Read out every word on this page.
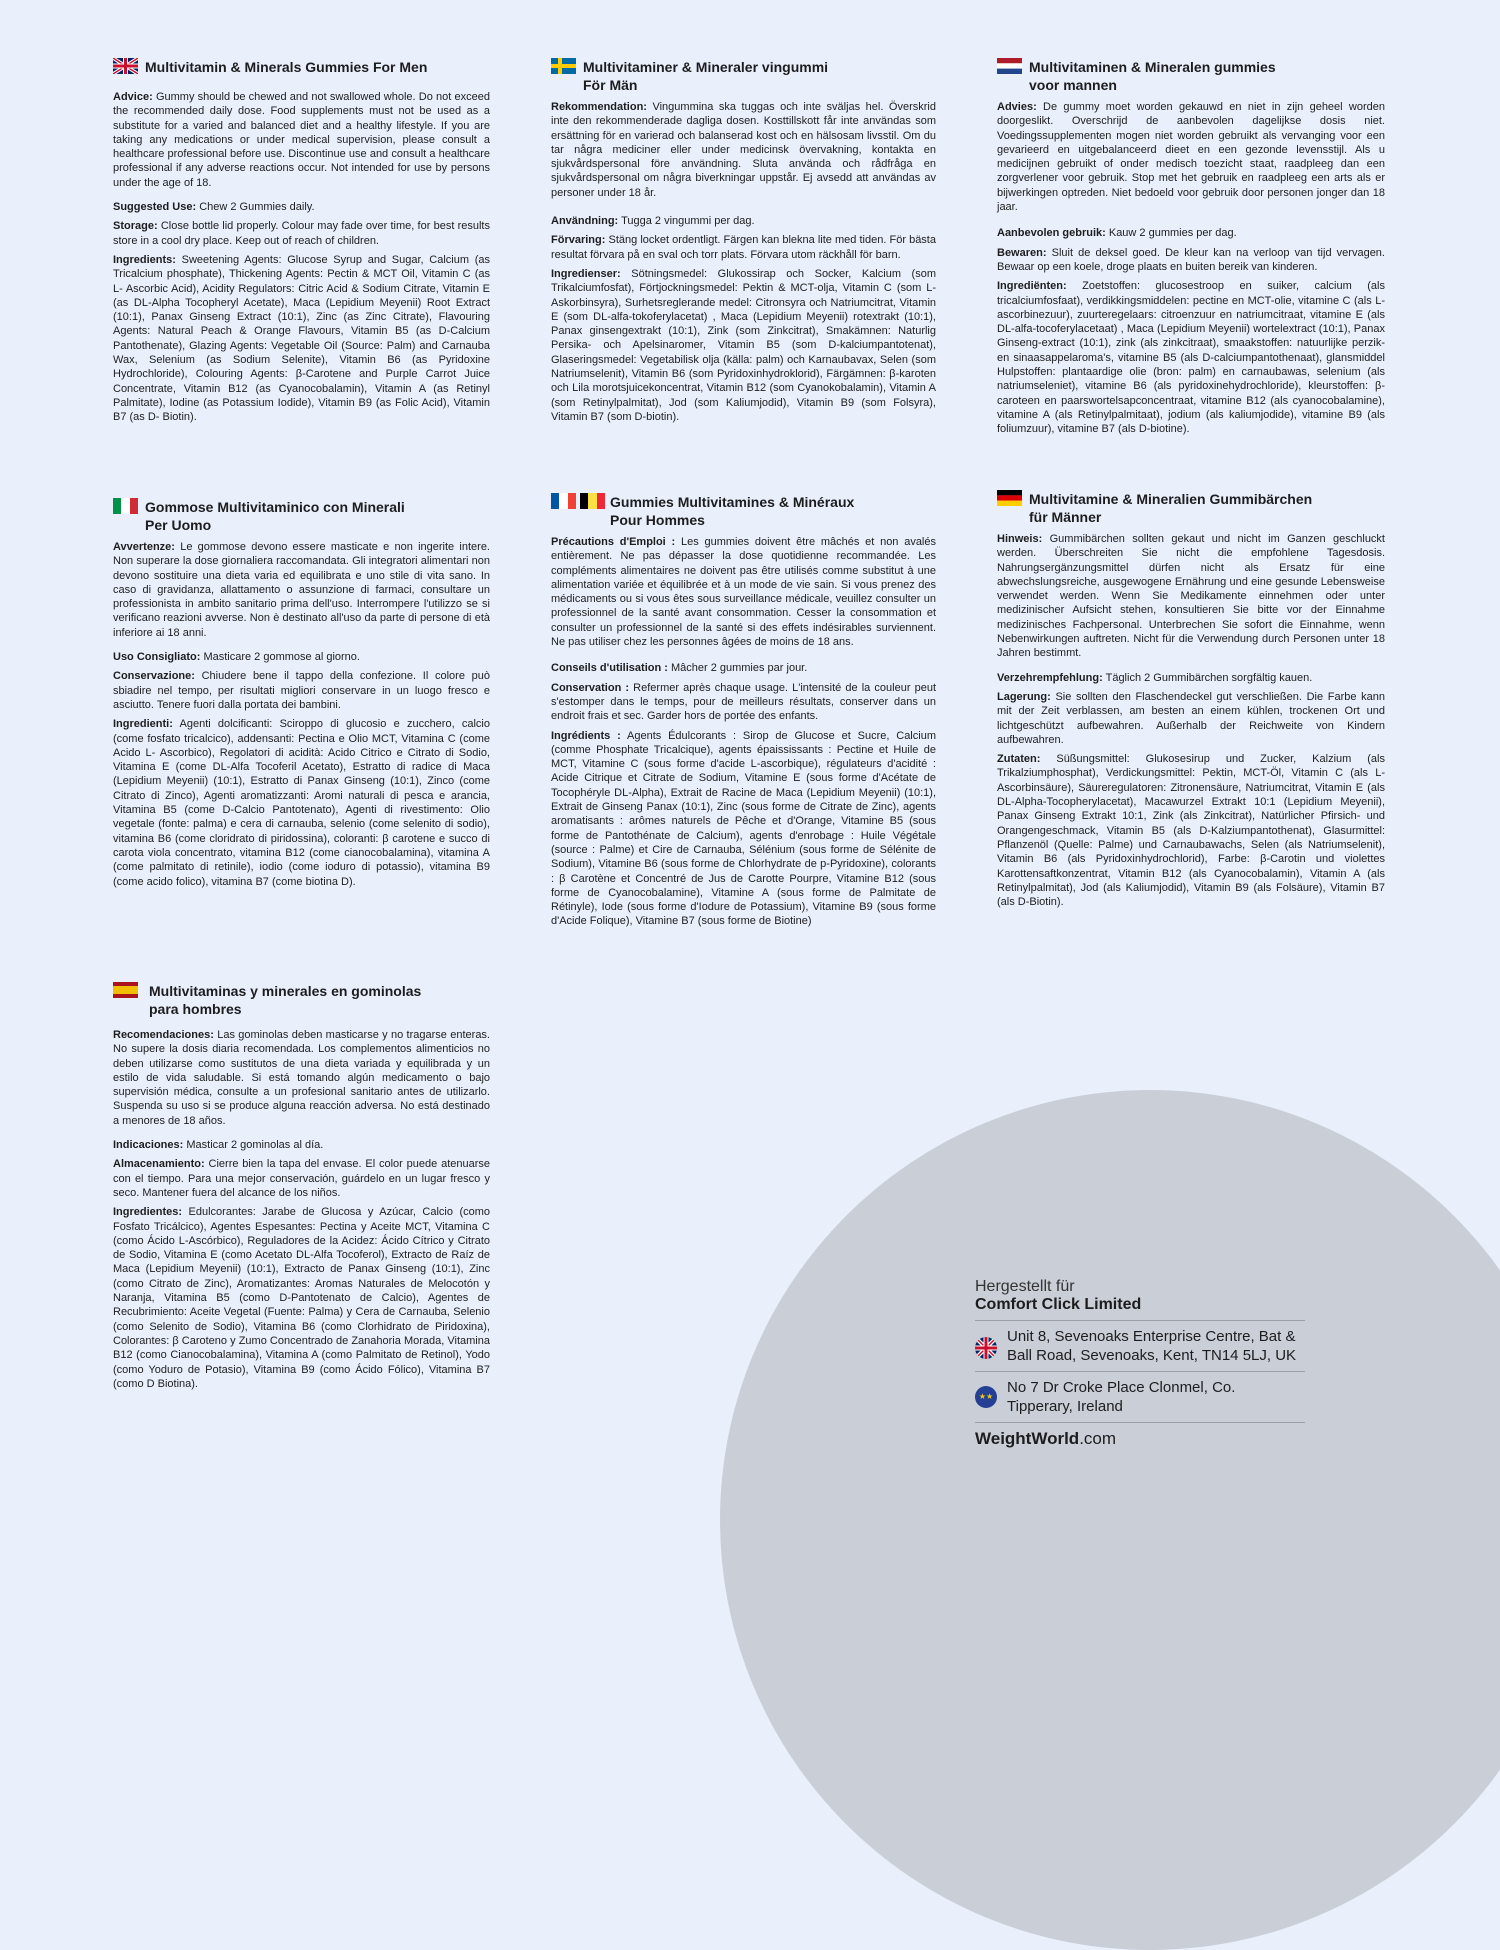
Multivitamin & Minerals Gummies For Men

Advice: Gummy should be chewed and not swallowed whole. Do not exceed the recommended daily dose. Food supplements must not be used as a substitute for a varied and balanced diet and a healthy lifestyle. If you are taking any medications or under medical supervision, please consult a healthcare professional before use. Discontinue use and consult a healthcare professional if any adverse reactions occur. Not intended for use by persons under the age of 18.

Suggested Use: Chew 2 Gummies daily.

Storage: Close bottle lid properly. Colour may fade over time, for best results store in a cool dry place. Keep out of reach of children.

Ingredients: Sweetening Agents: Glucose Syrup and Sugar, Calcium (as Tricalcium phosphate), Thickening Agents: Pectin & MCT Oil, Vitamin C (as L- Ascorbic Acid), Acidity Regulators: Citric Acid & Sodium Citrate, Vitamin E (as DL-Alpha Tocopheryl Acetate), Maca (Lepidium Meyenii) Root Extract (10:1), Panax Ginseng Extract (10:1), Zinc (as Zinc Citrate), Flavouring Agents: Natural Peach & Orange Flavours, Vitamin B5 (as D-Calcium Pantothenate), Glazing Agents: Vegetable Oil (Source: Palm) and Carnauba Wax, Selenium (as Sodium Selenite), Vitamin B6 (as Pyridoxine Hydrochloride), Colouring Agents: β-Carotene and Purple Carrot Juice Concentrate, Vitamin B12 (as Cyanocobalamin), Vitamin A (as Retinyl Palmitate), Iodine (as Potassium Iodide), Vitamin B9 (as Folic Acid), Vitamin B7 (as D- Biotin).

Multivitaminer & Mineraler vingummi
För Män

Rekommendation: Vingummina ska tuggas och inte sväljas hel. Överskrid inte den rekommenderade dagliga dosen. Kosttillskott får inte användas som ersättning för en varierad och balanserad kost och en hälsosam livsstil. Om du tar några mediciner eller under medicinsk övervakning, kontakta en sjukvårdspersonal före användning. Sluta använda och rådfråga en sjukvårdspersonal om några biverkningar uppstår. Ej avsedd att användas av personer under 18 år.

Användning: Tugga 2 vingummi per dag.

Förvaring: Stäng locket ordentligt. Färgen kan blekna lite med tiden. För bästa resultat förvara på en sval och torr plats. Förvara utom räckhåll för barn.

Ingredienser: Sötningsmedel: Glukossirap och Socker, Kalcium (som Trikalciumfosfat), Förtjockningsmedel: Pektin & MCT-olja, Vitamin C (som L-Askorbinsyra), Surhetsreglerande medel: Citronsyra och Natriumcitrat, Vitamin E (som DL-alfa-tokoferylacetat) , Maca (Lepidium Meyenii) rotextrakt (10:1), Panax ginsengextrakt (10:1), Zink (som Zinkcitrat), Smakämnen: Naturlig Persika- och Apelsinaromer, Vitamin B5 (som D-kalciumpantotenat), Glaseringsmedel: Vegetabilisk olja (källa: palm) och Karnaubavax, Selen (som Natriumselenit), Vitamin B6 (som Pyridoxinhydroklorid), Färgämnen: β-karoten och Lila morotsjuicekoncentrat, Vitamin B12 (som Cyanokobalamin), Vitamin A (som Retinylpalmitat), Jod (som Kaliumjodid), Vitamin B9 (som Folsyra), Vitamin B7 (som D-biotin).

Multivitaminen & Mineralen gummies
voor mannen

Advies: De gummy moet worden gekauwd en niet in zijn geheel worden doorgeslikt. Overschrijd de aanbevolen dagelijkse dosis niet. Voedingssupplementen mogen niet worden gebruikt als vervanging voor een gevarieerd en uitgebalanceerd dieet en een gezonde levensstijl. Als u medicijnen gebruikt of onder medisch toezicht staat, raadpleeg dan een zorgverlener voor gebruik. Stop met het gebruik en raadpleeg een arts als er bijwerkingen optreden. Niet bedoeld voor gebruik door personen jonger dan 18 jaar.

Aanbevolen gebruik: Kauw 2 gummies per dag.

Bewaren: Sluit de deksel goed. De kleur kan na verloop van tijd vervagen. Bewaar op een koele, droge plaats en buiten bereik van kinderen.

Ingrediënten: Zoetstoffen: glucosestroop en suiker, calcium (als tricalciumfosfaat), verdikkingsmiddelen: pectine en MCT-olie, vitamine C (als L-ascorbinezuur), zuurteregelaars: citroenzuur en natriumcitraat, vitamine E (als DL-alfa-tocoferylacetaat) , Maca (Lepidium Meyenii) wortelextract (10:1), Panax Ginseng-extract (10:1), zink (als zinkcitraat), smaakstoffen: natuurlijke perzik- en sinaasappelaroma's, vitamine B5 (als D-calciumpantothenaat), glansmiddel Hulpstoffen: plantaardige olie (bron: palm) en carnaubawas, selenium (als natriumseleniet), vitamine B6 (als pyridoxinehydrochloride), kleurstoffen: β-caroteen en paarswortelsapconcentraat, vitamine B12 (als cyanocobalamine), vitamine A (als Retinylpalmitaat), jodium (als kaliumjodide), vitamine B9 (als foliumzuur), vitamine B7 (als D-biotine).

Gommose Multivitaminico con Minerali
Per Uomo

Avvertenze: Le gommose devono essere masticate e non ingerite intere. Non superare la dose giornaliera raccomandata. Gli integratori alimentari non devono sostituire una dieta varia ed equilibrata e uno stile di vita sano. In caso di gravidanza, allattamento o assunzione di farmaci, consultare un professionista in ambito sanitario prima dell'uso. Interrompere l'utilizzo se si verificano reazioni avverse. Non è destinato all'uso da parte di persone di età inferiore ai 18 anni.

Uso Consigliato: Masticare 2 gommose al giorno.

Conservazione: Chiudere bene il tappo della confezione. Il colore può sbiadire nel tempo, per risultati migliori conservare in un luogo fresco e asciutto. Tenere fuori dalla portata dei bambini.

Ingredienti: Agenti dolcificanti: Sciroppo di glucosio e zucchero, calcio (come fosfato tricalcico), addensanti: Pectina e Olio MCT, Vitamina C (come Acido L- Ascorbico), Regolatori di acidità: Acido Citrico e Citrato di Sodio, Vitamina E (come DL-Alfa Tocoferil Acetato), Estratto di radice di Maca (Lepidium Meyenii) (10:1), Estratto di Panax Ginseng (10:1), Zinco (come Citrato di Zinco), Agenti aromatizzanti: Aromi naturali di pesca e arancia, Vitamina B5 (come D-Calcio Pantotenato), Agenti di rivestimento: Olio vegetale (fonte: palma) e cera di carnauba, selenio (come selenito di sodio), vitamina B6 (come cloridrato di piridossina), coloranti: β carotene e succo di carota viola concentrato, vitamina B12 (come cianocobalamina), vitamina A (come palmitato di retinile), iodio (come ioduro di potassio), vitamina B9 (come acido folico), vitamina B7 (come biotina D).

Gummies Multivitamines & Minéraux
Pour Hommes

Précautions d'Emploi : Les gummies doivent être mâchés et non avalés entièrement. Ne pas dépasser la dose quotidienne recommandée. Les compléments alimentaires ne doivent pas être utilisés comme substitut à une alimentation variée et équilibrée et à un mode de vie sain. Si vous prenez des médicaments ou si vous êtes sous surveillance médicale, veuillez consulter un professionnel de la santé avant consommation. Cesser la consommation et consulter un professionnel de la santé si des effets indésirables surviennent. Ne pas utiliser chez les personnes âgées de moins de 18 ans.

Conseils d'utilisation : Mâcher 2 gummies par jour.

Conservation : Refermer après chaque usage. L'intensité de la couleur peut s'estomper dans le temps, pour de meilleurs résultats, conserver dans un endroit frais et sec. Garder hors de portée des enfants.

Ingrédients : Agents Édulcorants : Sirop de Glucose et Sucre, Calcium (comme Phosphate Tricalcique), agents épaississants : Pectine et Huile de MCT, Vitamine C (sous forme d'acide L-ascorbique), régulateurs d'acidité : Acide Citrique et Citrate de Sodium, Vitamine E (sous forme d'Acétate de Tocophéryle DL-Alpha), Extrait de Racine de Maca (Lepidium Meyenii) (10:1), Extrait de Ginseng Panax (10:1), Zinc (sous forme de Citrate de Zinc), agents aromatisants : arômes naturels de Pêche et d'Orange, Vitamine B5 (sous forme de Pantothénate de Calcium), agents d'enrobage : Huile Végétale (source : Palme) et Cire de Carnauba, Sélénium (sous forme de Sélénite de Sodium), Vitamine B6 (sous forme de Chlorhydrate de p-Pyridoxine), colorants : β Carotène et Concentré de Jus de Carotte Pourpre, Vitamine B12 (sous forme de Cyanocobalamine), Vitamine A (sous forme de Palmitate de Rétinyle), Iode (sous forme d'Iodure de Potassium), Vitamine B9 (sous forme d'Acide Folique), Vitamine B7 (sous forme de Biotine)

Multivitamine & Mineralien Gummibärchen
für Männer

Hinweis: Gummibärchen sollten gekaut und nicht im Ganzen geschluckt werden. Überschreiten Sie nicht die empfohlene Tagesdosis. Nahrungsergänzungsmittel dürfen nicht als Ersatz für eine abwechslungsreiche, ausgewogene Ernährung und eine gesunde Lebensweise verwendet werden. Wenn Sie Medikamente einnehmen oder unter medizinischer Aufsicht stehen, konsultieren Sie bitte vor der Einnahme medizinisches Fachpersonal. Unterbrechen Sie sofort die Einnahme, wenn Nebenwirkungen auftreten. Nicht für die Verwendung durch Personen unter 18 Jahren bestimmt.

Verzehrempfehlung: Täglich 2 Gummibärchen sorgfältig kauen.

Lagerung: Sie sollten den Flaschendeckel gut verschließen. Die Farbe kann mit der Zeit verblassen, am besten an einem kühlen, trockenen Ort und lichtgeschützt aufbewahren. Außerhalb der Reichweite von Kindern aufbewahren.

Zutaten: Süßungsmittel: Glukosesirup und Zucker, Kalzium (als Trikalziumphosphat), Verdickungsmittel: Pektin, MCT-Öl, Vitamin C (als L-Ascorbinsäure), Säureregulatoren: Zitronensäure, Natriumcitrat, Vitamin E (als DL-Alpha-Tocopherylacetat), Macawurzel Extrakt 10:1 (Lepidium Meyenii), Panax Ginseng Extrakt 10:1, Zink (als Zinkcitrat), Natürlicher Pfirsich- und Orangengeschmack, Vitamin B5 (als D-Kalziumpantothenat), Glasurmittel: Pflanzenöl (Quelle: Palme) und Carnaubawachs, Selen (als Natriumselenit), Vitamin B6 (als Pyridoxinhydrochlorid), Farbe: β-Carotin und violettes Karottensaftkonzentrat, Vitamin B12 (als Cyanocobalamin), Vitamin A (als Retinylpalmitat), Jod (als Kaliumjodid), Vitamin B9 (als Folsäure), Vitamin B7 (als D-Biotin).

Multivitaminas y minerales en gominolas
para hombres

Recomendaciones: Las gominolas deben masticarse y no tragarse enteras. No supere la dosis diaria recomendada. Los complementos alimenticios no deben utilizarse como sustitutos de una dieta variada y equilibrada y un estilo de vida saludable. Si está tomando algún medicamento o bajo supervisión médica, consulte a un profesional sanitario antes de utilizarlo. Suspenda su uso si se produce alguna reacción adversa. No está destinado a menores de 18 años.

Indicaciones: Masticar 2 gominolas al día.

Almacenamiento: Cierre bien la tapa del envase. El color puede atenuarse con el tiempo. Para una mejor conservación, guárdelo en un lugar fresco y seco. Mantener fuera del alcance de los niños.

Ingredientes: Edulcorantes: Jarabe de Glucosa y Azúcar, Calcio (como Fosfato Tricálcico), Agentes Espesantes: Pectina y Aceite MCT, Vitamina C (como Ácido L-Ascórbico), Reguladores de la Acidez: Ácido Cítrico y Citrato de Sodio, Vitamina E (como Acetato DL-Alfa Tocoferol), Extracto de Raíz de Maca (Lepidium Meyenii) (10:1), Extracto de Panax Ginseng (10:1), Zinc (como Citrato de Zinc), Aromatizantes: Aromas Naturales de Melocotón y Naranja, Vitamina B5 (como D-Pantotenato de Calcio), Agentes de Recubrimiento: Aceite Vegetal (Fuente: Palma) y Cera de Carnauba, Selenio (como Selenito de Sodio), Vitamina B6 (como Clorhidrato de Piridoxina), Colorantes: β Caroteno y Zumo Concentrado de Zanahoria Morada, Vitamina B12 (como Cianocobalamina), Vitamina A (como Palmitato de Retinol), Yodo (como Yoduro de Potasio), Vitamina B9 (como Ácido Fólico), Vitamina B7 (como D Biotina).

Hergestellt für
Comfort Click Limited
Unit 8, Sevenoaks Enterprise Centre, Bat & Ball Road, Sevenoaks, Kent, TN14 5LJ, UK
★★
No 7 Dr Croke Place Clonmel, Co. Tipperary, Ireland
WeightWorld.com
